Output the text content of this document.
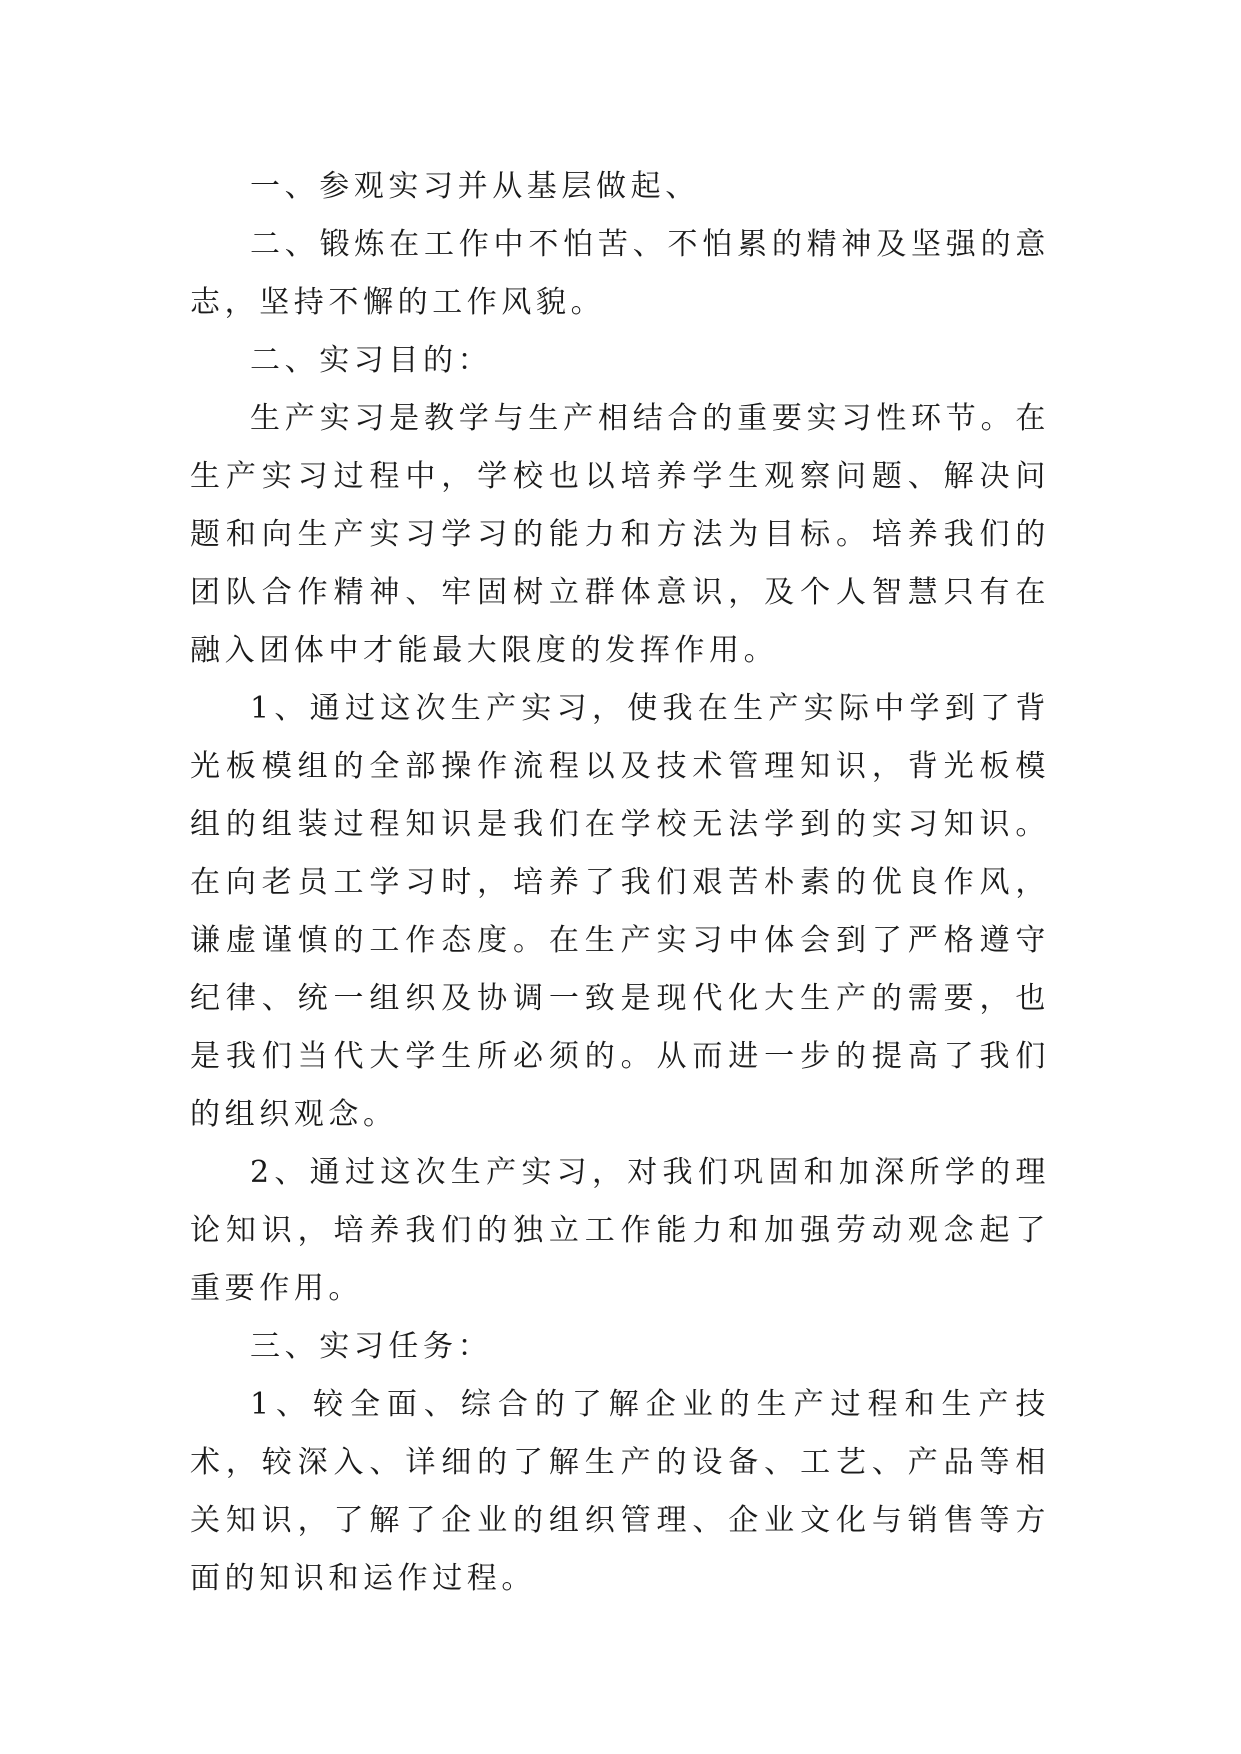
一、参观实习并从基层做起、

二、锻炼在工作中不怕苦、不怕累的精神及坚强的意志，坚持不懈的工作风貌。

二、实习目的：

生产实习是教学与生产相结合的重要实习性环节。在生产实习过程中，学校也以培养学生观察问题、解决问题和向生产实习学习的能力和方法为目标。培养我们的团队合作精神、牢固树立群体意识，及个人智慧只有在融入团体中才能最大限度的发挥作用。

1、通过这次生产实习，使我在生产实际中学到了背光板模组的全部操作流程以及技术管理知识，背光板模组的组装过程知识是我们在学校无法学到的实习知识。在向老员工学习时，培养了我们艰苦朴素的优良作风，谦虚谨慎的工作态度。在生产实习中体会到了严格遵守纪律、统一组织及协调一致是现代化大生产的需要，也是我们当代大学生所必须的。从而进一步的提高了我们的组织观念。

2、通过这次生产实习，对我们巩固和加深所学的理论知识，培养我们的独立工作能力和加强劳动观念起了重要作用。

三、实习任务：

1、较全面、综合的了解企业的生产过程和生产技术，较深入、详细的了解生产的设备、工艺、产品等相关知识，了解了企业的组织管理、企业文化与销售等方面的知识和运作过程。
